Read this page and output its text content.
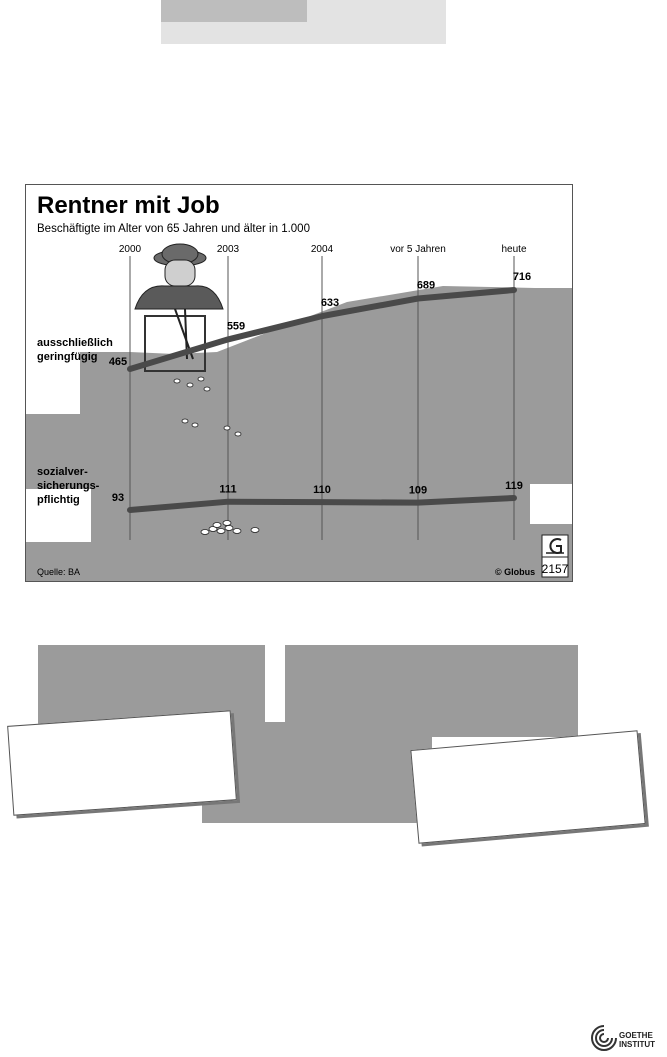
Rentner mit Job
Beschäftigte im Alter von 65 Jahren und älter in 1.000
2000	2003	2004	vor 5 Jahren	heute
465
559
633
689
716
93
111	110	109	119
ausschließlich
geringfügig
sozialver-
sicherungs-
pflichtig
Quelle: BA	© Globus 2157
GOETHE
INSTITUT
